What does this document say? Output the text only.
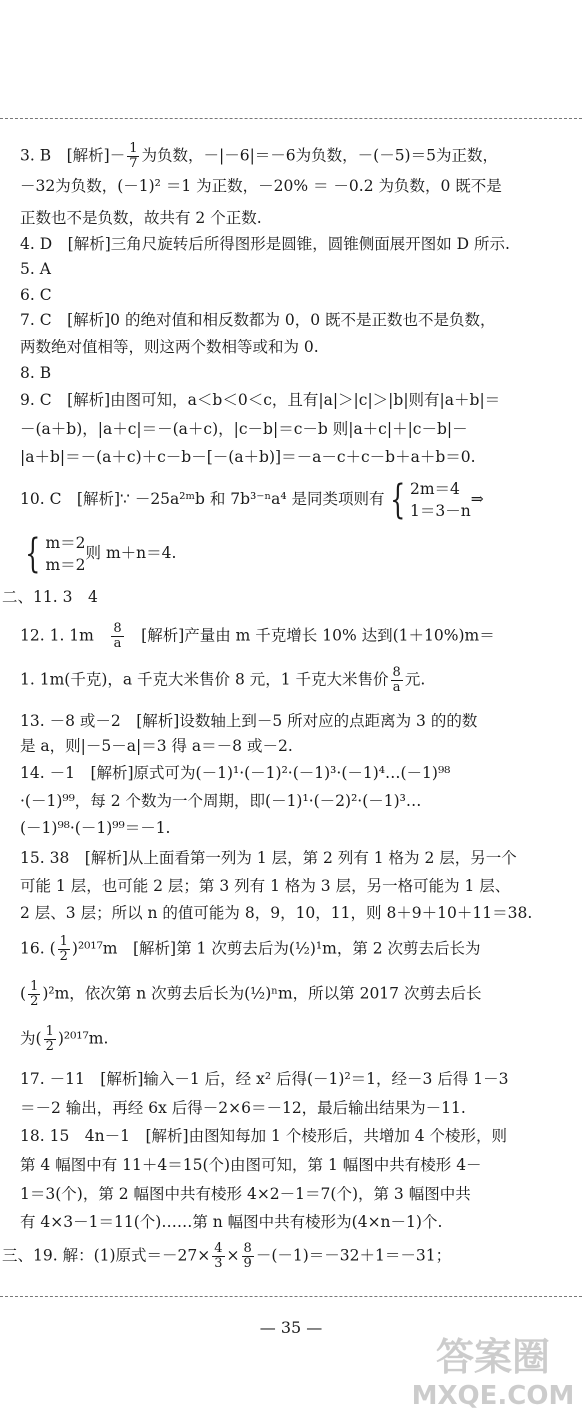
3. B　[解析]－ $\frac{1}{7}$ 为负数，－|－6|＝－6为负数，－(－5)＝5为正数，
－32为负数，(－1)² ＝1 为正数，－20% ＝ －0.2 为负数，0 既不是
正数也不是负数，故共有 2 个正数.
4. D　[解析]三角尺旋转后所得图形是圆锥，圆锥侧面展开图如 D 所示.
5. A
6. C
7. C　[解析]0 的绝对值和相反数都为 0，0 既不是正数也不是负数，
两数绝对值相等，则这两个数相等或和为 0.
8. B
9. C　[解析]由图可知，a＜b＜0＜c，且有|a|＞|c|＞|b|则有|a＋b|＝
－(a＋b)，|a＋c|＝－(a＋c)，|c－b|＝c－b 则|a＋c|＋|c－b|－
|a＋b|＝－(a＋c)＋c－b－[－(a＋b)]＝－a－c＋c－b＋a＋b＝0.
10. C　[解析]∵ －25a²ᵐb 和 7b³⁻ⁿa⁴ 是同类项则有 { 2m＝4
1＝3－n
⇒
{ m＝2
m＝2
则 m＋n＝4.
二、11. 3　4
12. 1. 1m　 $\frac{8}{a}$ 　[解析]产量由 m 千克增长 10% 达到(1＋10%)m＝
1. 1m(千克)，a 千克大米售价 8 元，1 千克大米售价 $\frac{8}{a}$ 元.
13. －8 或－2　[解析]设数轴上到－5 所对应的点距离为 3 的的数
是 a，则|－5－a|＝3 得 a＝－8 或－2.
14. －1　[解析]原式可为(－1)¹·(－1)²·(－1)³·(－1)⁴…(－1)⁹⁸
·(－1)⁹⁹，每 2 个数为一个周期，即(－1)¹·(－2)²·(－1)³…
(－1)⁹⁸·(－1)⁹⁹＝－1.
15. 38　[解析]从上面看第一列为 1 层，第 2 列有 1 格为 2 层，另一个
可能 1 层，也可能 2 层；第 3 列有 1 格为 3 层，另一格可能为 1 层、
2 层、3 层；所以 n 的值可能为 8，9，10，11，则 8＋9＋10＋11＝38.
16. ( $\frac{1}{2} )^{2017}m$　[解析]第 1 次剪去后为(½)¹m，第 2 次剪去后长为
( $\frac{1}{2} )^2m$，依次第 n 次剪去后长为(½)ⁿm，所以第 2017 次剪去后长
为( $\frac{1}{2} )^{2017}m$.
17. －11　[解析]输入－1 后，经 x² 后得(－1)²＝1，经－3 后得 1－3
＝－2 输出，再经 6x 后得－2×6＝－12，最后输出结果为－11.
18. 15　4n－1　[解析]由图知每加 1 个棱形后，共增加 4 个棱形，则
第 4 幅图中有 11＋4＝15(个)由图可知，第 1 幅图中共有棱形 4－
1＝3(个)，第 2 幅图中共有棱形 4×2－1＝7(个)，第 3 幅图中共
有 4×3－1＝11(个)……第 n 幅图中共有棱形为(4×n－1)个.
三、19. 解：(1)原式$=-27\times \frac{4}{3} \times \frac{8}{9} -(-1)=-32+1=-31$；
— 35 —
答案圈
MXQE.COM
